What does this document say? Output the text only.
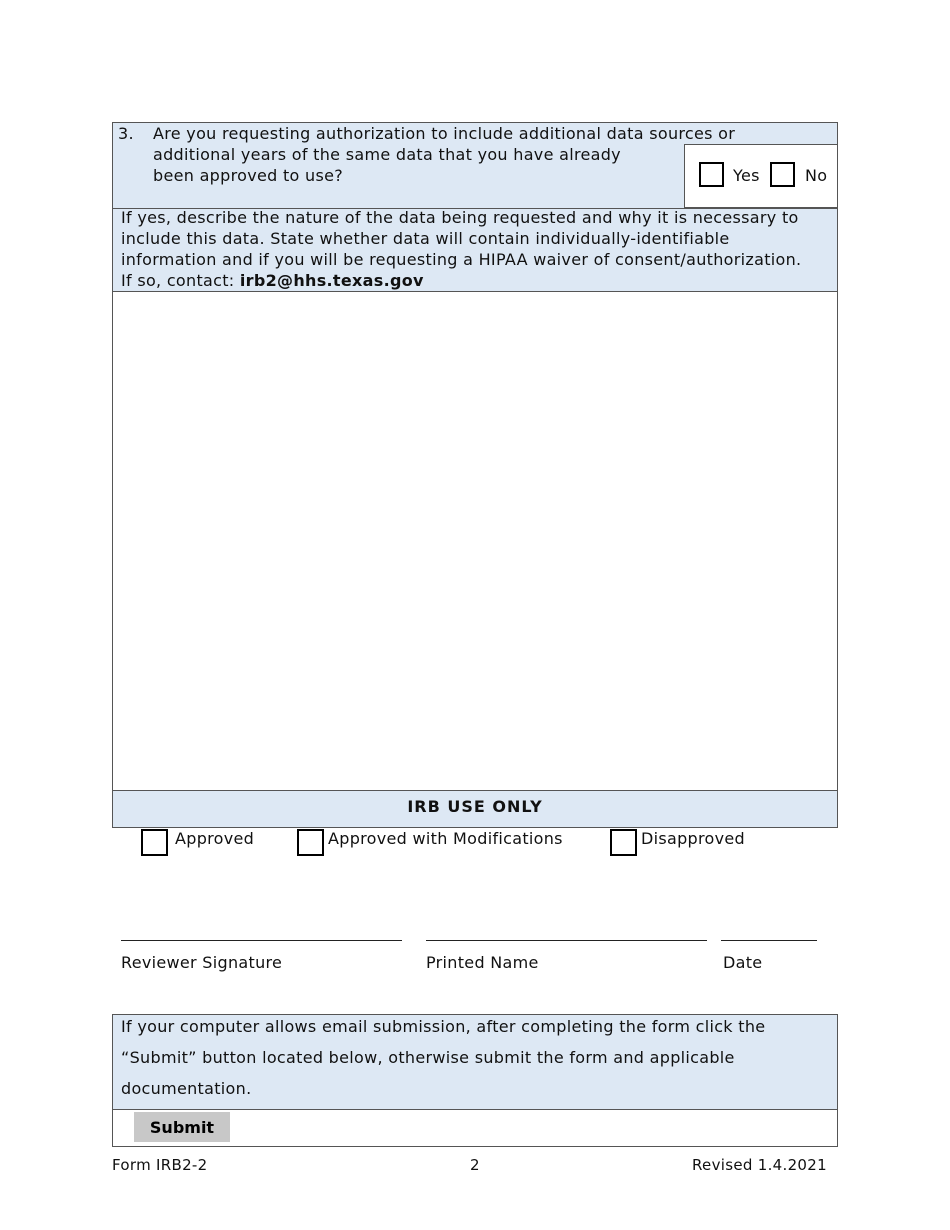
3. Are you requesting authorization to include additional data sources or
additional years of the same data that you have already
been approved to use?	Yes	No
If yes, describe the nature of the data being requested and why it is necessary to
include this data. State whether data will contain individually-identifiable
information and if you will be requesting a HIPAA waiver of consent/authorization.
If so, contact: irb2@hhs.texas.gov
IRB USE ONLY
Approved	Approved with Modifications	Disapproved
Reviewer Signature	Printed Name	Date
If your computer allows email submission, after completing the form click the
“Submit” button located below, otherwise submit the form and applicable
documentation.
Submit
Form IRB2-2	2	Revised 1.4.2021
